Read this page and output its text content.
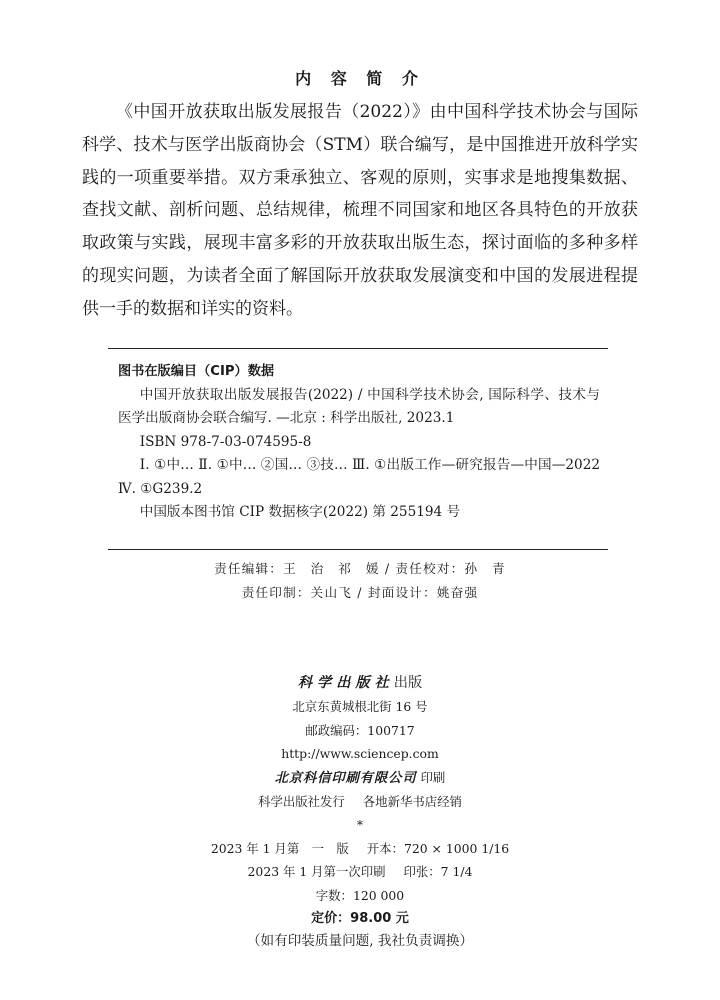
内 容 简 介

《中国开放获取出版发展报告（2022）》由中国科学技术协会与国际科学、技术与医学出版商协会（STM）联合编写，是中国推进开放科学实践的一项重要举措。双方秉承独立、客观的原则，实事求是地搜集数据、查找文献、剖析问题、总结规律，梳理不同国家和地区各具特色的开放获取政策与实践，展现丰富多彩的开放获取出版生态，探讨面临的多种多样的现实问题，为读者全面了解国际开放获取发展演变和中国的发展进程提供一手的数据和详实的资料。

图书在版编目（CIP）数据
中国开放获取出版发展报告(2022) / 中国科学技术协会, 国际科学、技术与医学出版商协会联合编写. —北京 : 科学出版社, 2023.1
ISBN 978-7-03-074595-8
Ⅰ. ①中… Ⅱ. ①中… ②国… ③技… Ⅲ. ①出版工作—研究报告—中国—2022 Ⅳ. ①G239.2
中国版本图书馆 CIP 数据核字(2022) 第 255194 号
责任编辑：王　治　祁　媛 / 责任校对：孙　青
责任印制：关山飞 / 封面设计：姚奋强
科学出版社出版
北京东黄城根北街 16 号
邮政编码：100717
http://www.sciencep.com
北京科信印刷有限公司 印刷
科学出版社发行 各地新华书店经销
*
2023 年 1 月第　一　版 开本：720 × 1000 1/16
2023 年 1 月第一次印刷 印张：7 1/4
字数：120 000
定价：98.00 元
（如有印装质量问题, 我社负责调换）
